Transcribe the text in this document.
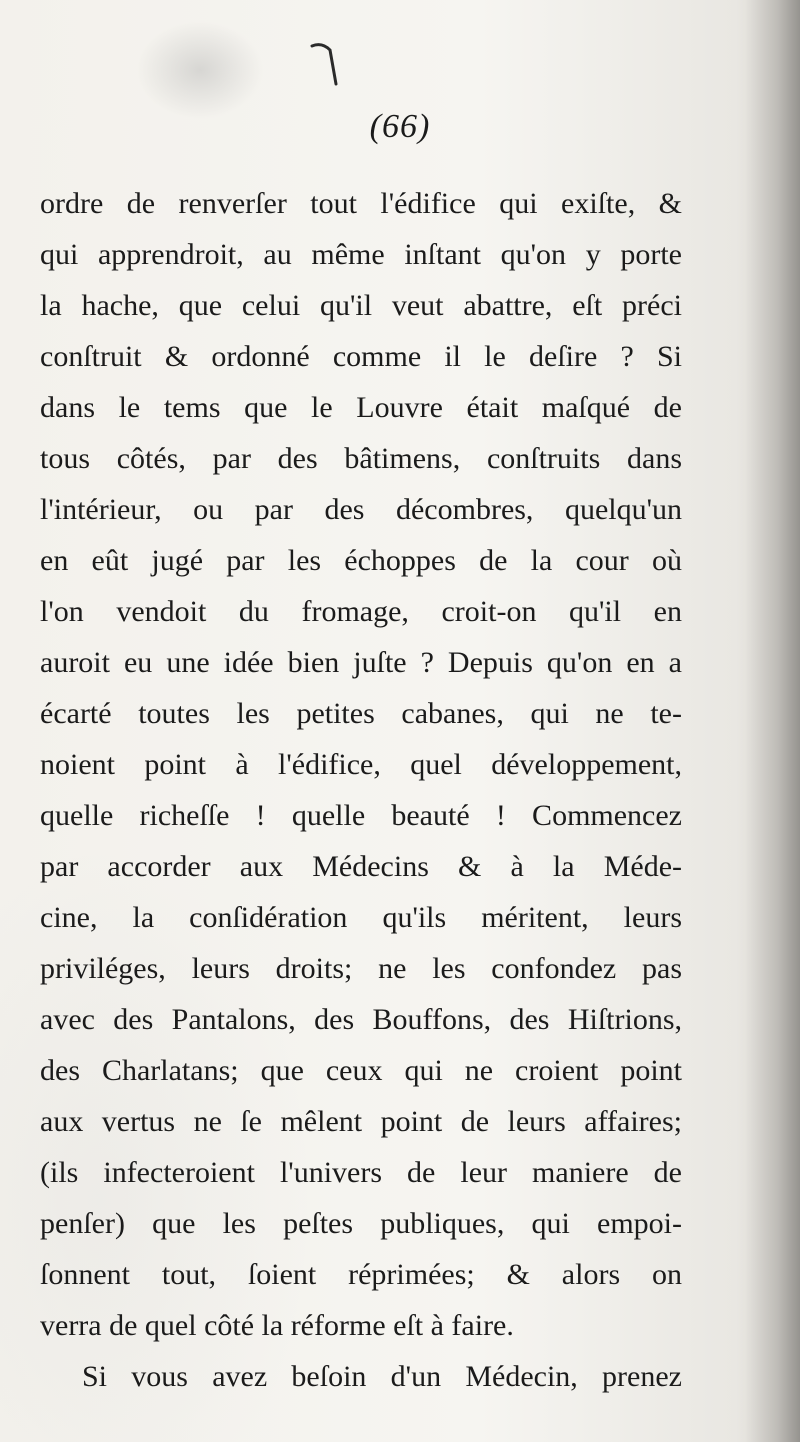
(66)
ordre de renverſer tout l'édifice qui exiſte, &
qui apprendroit, au même inſtant qu'on y porte
la hache, que celui qu'il veut abattre, eſt préci
conſtruit & ordonné comme il le deſire ? Si
dans le tems que le Louvre était maſqué de
tous côtés, par des bâtimens, conſtruits dans
l'intérieur, ou par des décombres, quelqu'un
en eût jugé par les échoppes de la cour où
l'on vendoit du fromage, croit-on qu'il en
auroit eu une idée bien juſte ? Depuis qu'on en a
écarté toutes les petites cabanes, qui ne te-
noient point à l'édifice, quel développement,
quelle richeſſe ! quelle beauté ! Commencez
par accorder aux Médecins & à la Méde-
cine, la conſidération qu'ils méritent, leurs
priviléges, leurs droits; ne les confondez pas
avec des Pantalons, des Bouffons, des Hiſtrions,
des Charlatans; que ceux qui ne croient point
aux vertus ne ſe mêlent point de leurs affaires;
(ils infecteroient l'univers de leur maniere de
penſer) que les peſtes publiques, qui empoi-
ſonnent tout, ſoient réprimées; & alors on
verra de quel côté la réforme eſt à faire.
Si vous avez beſoin d'un Médecin, prenez
